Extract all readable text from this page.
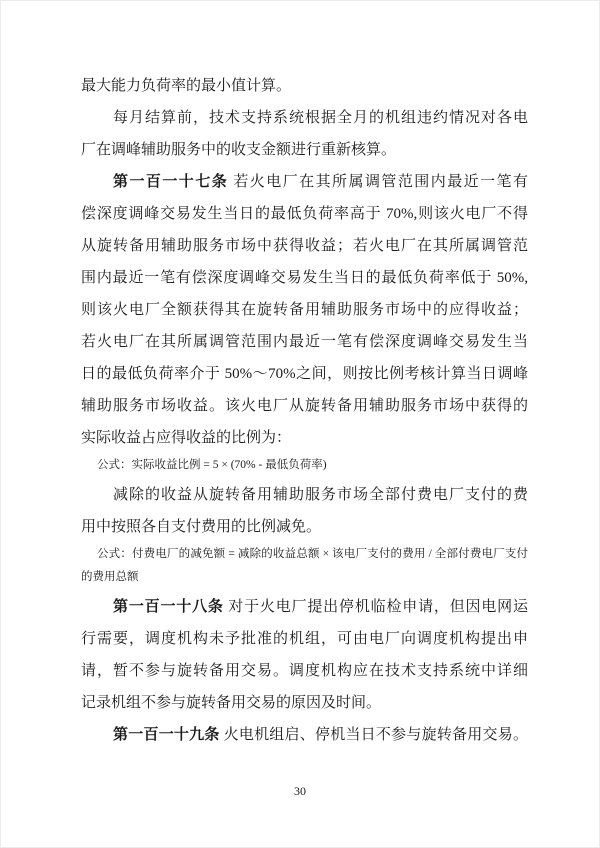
最大能力负荷率的最小值计算。
每月结算前，技术支持系统根据全月的机组违约情况对各电
厂在调峰辅助服务中的收支金额进行重新核算。
第一百一十七条 若火电厂在其所属调管范围内最近一笔有
偿深度调峰交易发生当日的最低负荷率高于 70%,则该火电厂不得
从旋转备用辅助服务市场中获得收益；若火电厂在其所属调管范
围内最近一笔有偿深度调峰交易发生当日的最低负荷率低于 50%,
则该火电厂全额获得其在旋转备用辅助服务市场中的应得收益；
若火电厂在其所属调管范围内最近一笔有偿深度调峰交易发生当
日的最低负荷率介于 50%～70%之间，则按比例考核计算当日调峰
辅助服务市场收益。该火电厂从旋转备用辅助服务市场中获得的
实际收益占应得收益的比例为：
公式：实际收益比例 = 5 × (70% - 最低负荷率)
减除的收益从旋转备用辅助服务市场全部付费电厂支付的费
用中按照各自支付费用的比例减免。
公式：付费电厂的减免额 = 减除的收益总额 × 该电厂支付的费用 / 全部付费电厂支付
的费用总额
第一百一十八条 对于火电厂提出停机临检申请，但因电网运
行需要，调度机构未予批准的机组，可由电厂向调度机构提出申
请，暂不参与旋转备用交易。调度机构应在技术支持系统中详细
记录机组不参与旋转备用交易的原因及时间。
第一百一十九条 火电机组启、停机当日不参与旋转备用交易。
30
